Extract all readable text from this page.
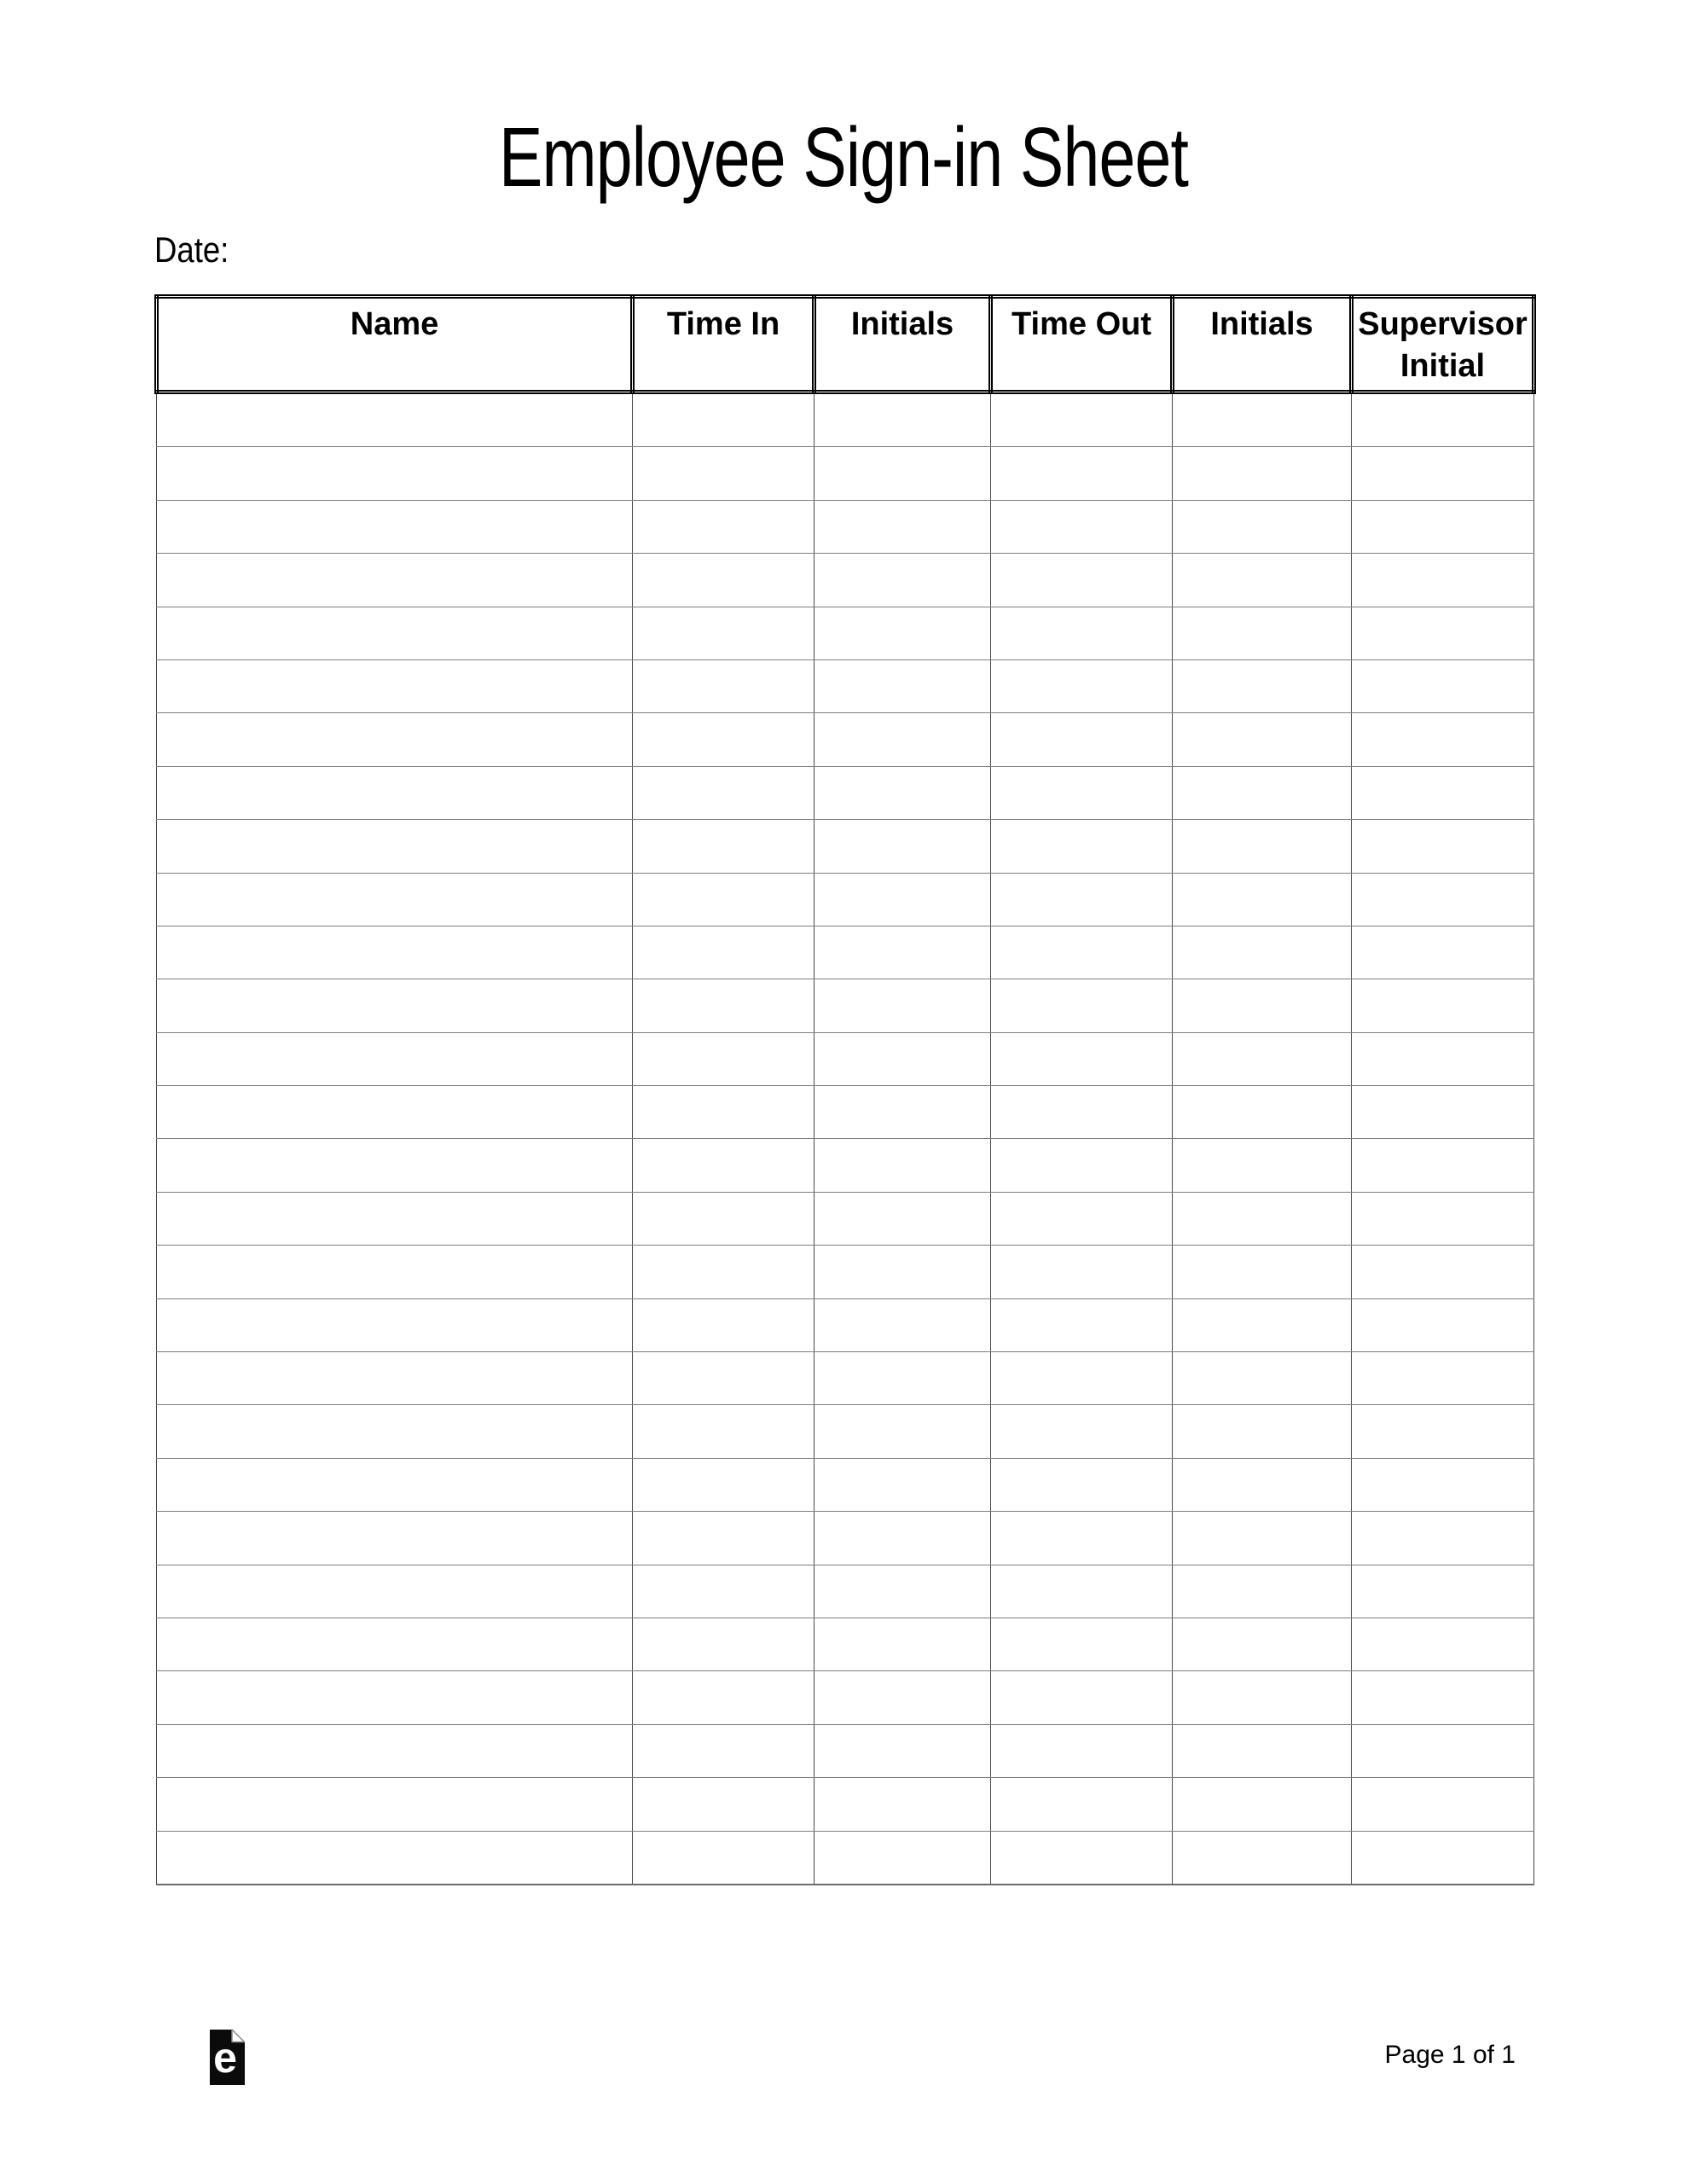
Employee Sign-in Sheet
Date:
Name	Time In	Initials	Time Out	Initials	Supervisor Initial

e	Page 1 of 1
